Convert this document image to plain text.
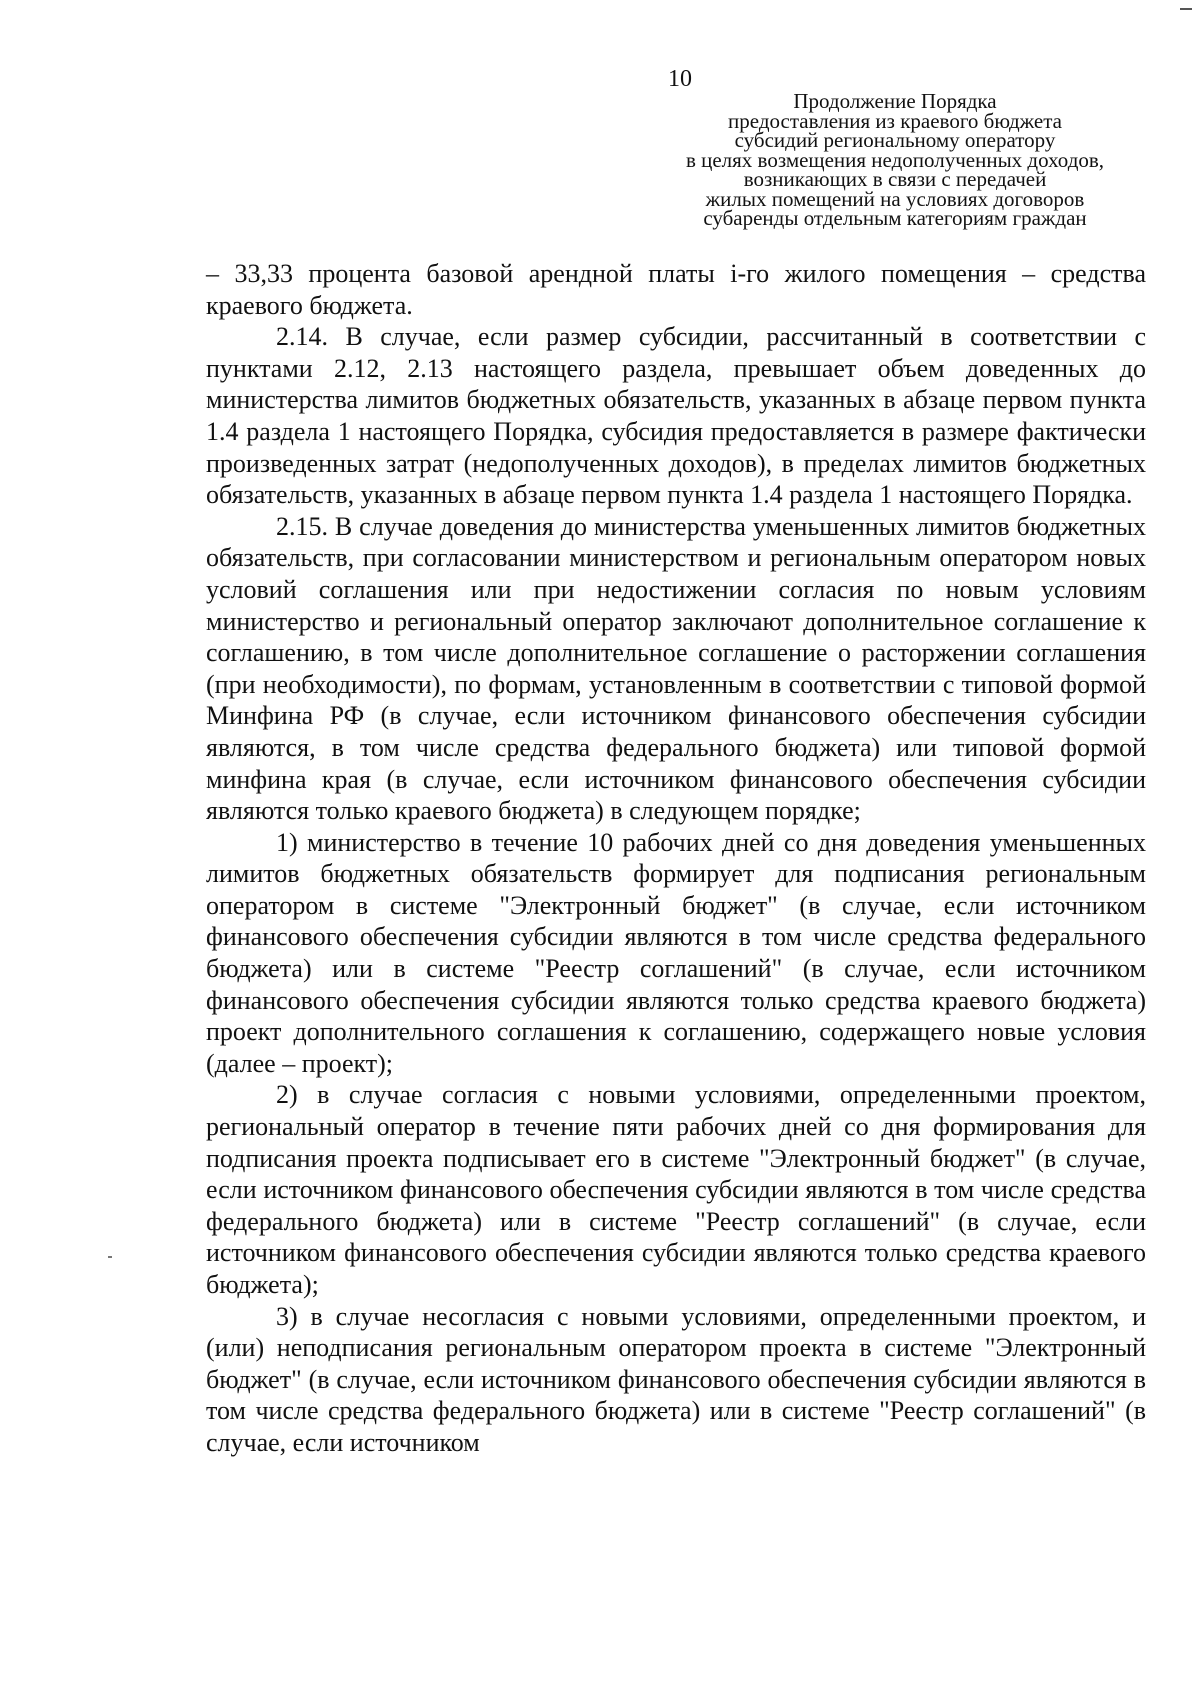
10
Продолжение Порядка
предоставления из краевого бюджета
субсидий региональному оператору
в целях возмещения недополученных доходов,
возникающих в связи с передачей
жилых помещений на условиях договоров
субаренды отдельным категориям граждан

– 33,33 процента базовой арендной платы i-го жилого помещения – средства краевого бюджета.

2.14. В случае, если размер субсидии, рассчитанный в соответствии с пунктами 2.12, 2.13 настоящего раздела, превышает объем доведенных до министерства лимитов бюджетных обязательств, указанных в абзаце первом пункта 1.4 раздела 1 настоящего Порядка, субсидия предоставляется в размере фактически произведенных затрат (недополученных доходов), в пределах лимитов бюджетных обязательств, указанных в абзаце первом пункта 1.4 раздела 1 настоящего Порядка.

2.15. В случае доведения до министерства уменьшенных лимитов бюджетных обязательств, при согласовании министерством и региональным оператором новых условий соглашения или при недостижении согласия по новым условиям министерство и региональный оператор заключают дополнительное соглашение к соглашению, в том числе дополнительное соглашение о расторжении соглашения (при необходимости), по формам, установленным в соответствии с типовой формой Минфина РФ (в случае, если источником финансового обеспечения субсидии являются, в том числе средства федерального бюджета) или типовой формой минфина края (в случае, если источником финансового обеспечения субсидии являются только краевого бюджета) в следующем порядке;

1) министерство в течение 10 рабочих дней со дня доведения уменьшенных лимитов бюджетных обязательств формирует для подписания региональным оператором в системе "Электронный бюджет" (в случае, если источником финансового обеспечения субсидии являются в том числе средства федерального бюджета) или в системе "Реестр соглашений" (в случае, если источником финансового обеспечения субсидии являются только средства краевого бюджета) проект дополнительного соглашения к соглашению, содержащего новые условия (далее – проект);

2) в случае согласия с новыми условиями, определенными проектом, региональный оператор в течение пяти рабочих дней со дня формирования для подписания проекта подписывает его в системе "Электронный бюджет" (в случае, если источником финансового обеспечения субсидии являются в том числе средства федерального бюджета) или в системе "Реестр соглашений" (в случае, если источником финансового обеспечения субсидии являются только средства краевого бюджета);

3) в случае несогласия с новыми условиями, определенными проектом, и (или) неподписания региональным оператором проекта в системе "Электронный бюджет" (в случае, если источником финансового обеспечения субсидии являются в том числе средства федерального бюджета) или в системе "Реестр соглашений" (в случае, если источником
